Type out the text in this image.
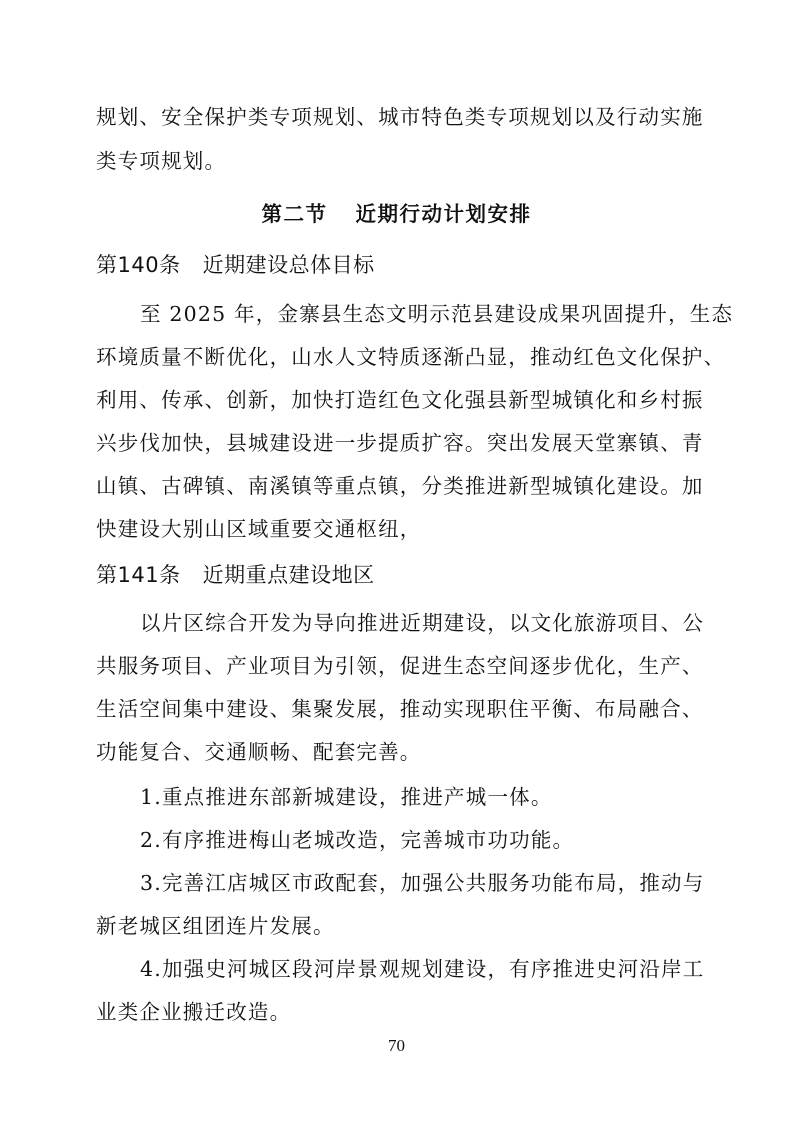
规划、安全保护类专项规划、城市特色类专项规划以及行动实施
类专项规划。
第二节 近期行动计划安排
第140条 近期建设总体目标
至 2025 年，金寨县生态文明示范县建设成果巩固提升，生态
环境质量不断优化，山水人文特质逐渐凸显，推动红色文化保护、
利用、传承、创新，加快打造红色文化强县新型城镇化和乡村振
兴步伐加快，县城建设进一步提质扩容。突出发展天堂寨镇、青
山镇、古碑镇、南溪镇等重点镇，分类推进新型城镇化建设。加
快建设大别山区域重要交通枢纽，
第141条 近期重点建设地区
以片区综合开发为导向推进近期建设，以文化旅游项目、公
共服务项目、产业项目为引领，促进生态空间逐步优化，生产、
生活空间集中建设、集聚发展，推动实现职住平衡、布局融合、
功能复合、交通顺畅、配套完善。
1.重点推进东部新城建设，推进产城一体。
2.有序推进梅山老城改造，完善城市功功能。
3.完善江店城区市政配套，加强公共服务功能布局，推动与
新老城区组团连片发展。
4.加强史河城区段河岸景观规划建设，有序推进史河沿岸工
业类企业搬迁改造。
70
